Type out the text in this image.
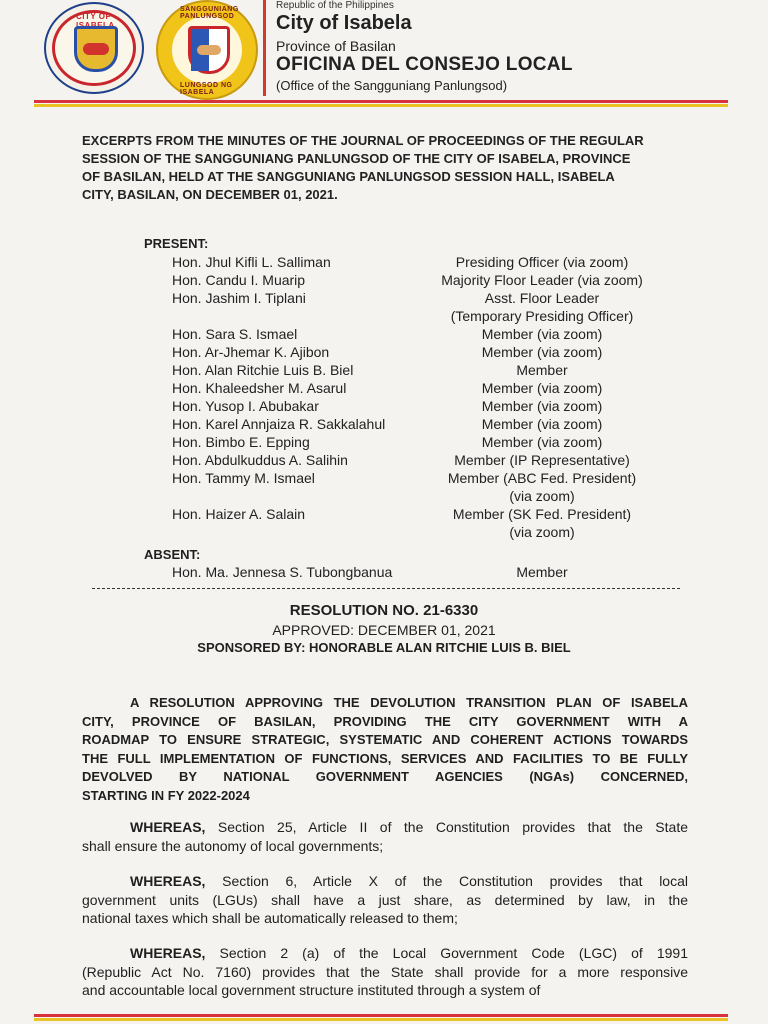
CITY OF
SANGGUNIANG PANLUNGSOD
LUNGSOD NG ISABELA
Republic of the Philippines
City of Isabela
Province of Basilan
OFICINA DEL CONSEJO LOCAL
(Office of the Sangguniang Panlungsod)
EXCERPTS FROM THE MINUTES OF THE JOURNAL OF PROCEEDINGS OF THE REGULAR
SESSION OF THE SANGGUNIANG PANLUNGSOD OF THE CITY OF ISABELA, PROVINCE
OF BASILAN, HELD AT THE SANGGUNIANG PANLUNGSOD SESSION HALL, ISABELA
CITY, BASILAN, ON DECEMBER 01, 2021.
PRESENT:
Hon. Jhul Kifli L. Salliman	Presiding Officer (via zoom)
Hon. Candu I. Muarip	Majority Floor Leader (via zoom)
Hon. Jashim I. Tiplani	Asst. Floor Leader
(Temporary Presiding Officer)
Hon. Sara S. Ismael	Member (via zoom)
Hon. Ar-Jhemar K. Ajibon	Member (via zoom)
Hon. Alan Ritchie Luis B. Biel	Member
Hon. Khaleedsher M. Asarul	Member (via zoom)
Hon. Yusop I. Abubakar	Member (via zoom)
Hon. Karel Annjaiza R. Sakkalahul	Member (via zoom)
Hon. Bimbo E. Epping	Member (via zoom)
Hon. Abdulkuddus A. Salihin	Member (IP Representative)
Hon. Tammy M. Ismael	Member (ABC Fed. President)
(via zoom)
Hon. Haizer A. Salain	Member (SK Fed. President)
(via zoom)
ABSENT:
Hon. Ma. Jennesa S. Tubongbanua	Member
RESOLUTION NO. 21-6330
APPROVED: DECEMBER 01, 2021
SPONSORED BY: HONORABLE ALAN RITCHIE LUIS B. BIEL
A RESOLUTION APPROVING THE DEVOLUTION TRANSITION PLAN OF ISABELA
CITY, PROVINCE OF BASILAN, PROVIDING THE CITY GOVERNMENT WITH A
ROADMAP TO ENSURE STRATEGIC, SYSTEMATIC AND COHERENT ACTIONS TOWARDS
THE FULL IMPLEMENTATION OF FUNCTIONS, SERVICES AND FACILITIES TO BE FULLY
DEVOLVED BY NATIONAL GOVERNMENT AGENCIES (NGAs) CONCERNED,
STARTING IN FY 2022-2024
WHEREAS, Section 25, Article II of the Constitution provides that the State
shall ensure the autonomy of local governments;
WHEREAS, Section 6, Article X of the Constitution provides that local
government units (LGUs) shall have a just share, as determined by law, in the
national taxes which shall be automatically released to them;
WHEREAS, Section 2 (a) of the Local Government Code (LGC) of 1991
(Republic Act No. 7160) provides that the State shall provide for a more responsive
and accountable local government structure instituted through a system of
